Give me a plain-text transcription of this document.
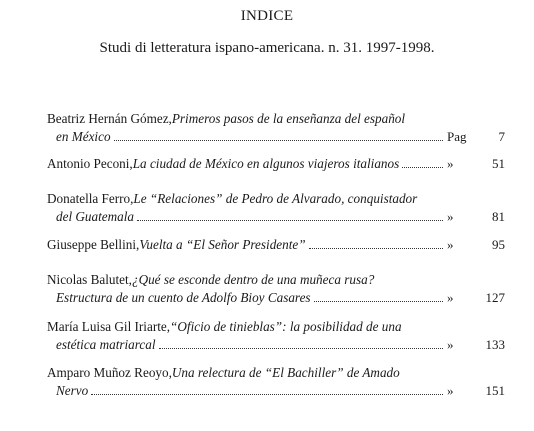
INDICE
Studi di letteratura ispano-americana. n. 31. 1997-1998.
Beatriz Hernán Gómez, Primeros pasos de la enseñanza del español
en México	Pag	7
Antonio Peconi, La ciudad de México en algunos viajeros italianos	»	51
Donatella Ferro, Le “Relaciones” de Pedro de Alvarado, conquistador
del Guatemala	»	81
Giuseppe Bellini, Vuelta a “El Señor Presidente”	»	95
Nicolas Balutet, ¿Qué se esconde dentro de una muñeca rusa?
Estructura de un cuento de Adolfo Bioy Casares	»	127
María Luisa Gil Iriarte, “Oficio de tinieblas”: la posibilidad de una
estética matriarcal	»	133
Amparo Muñoz Reoyo, Una relectura de “El Bachiller” de Amado
Nervo	»	151
